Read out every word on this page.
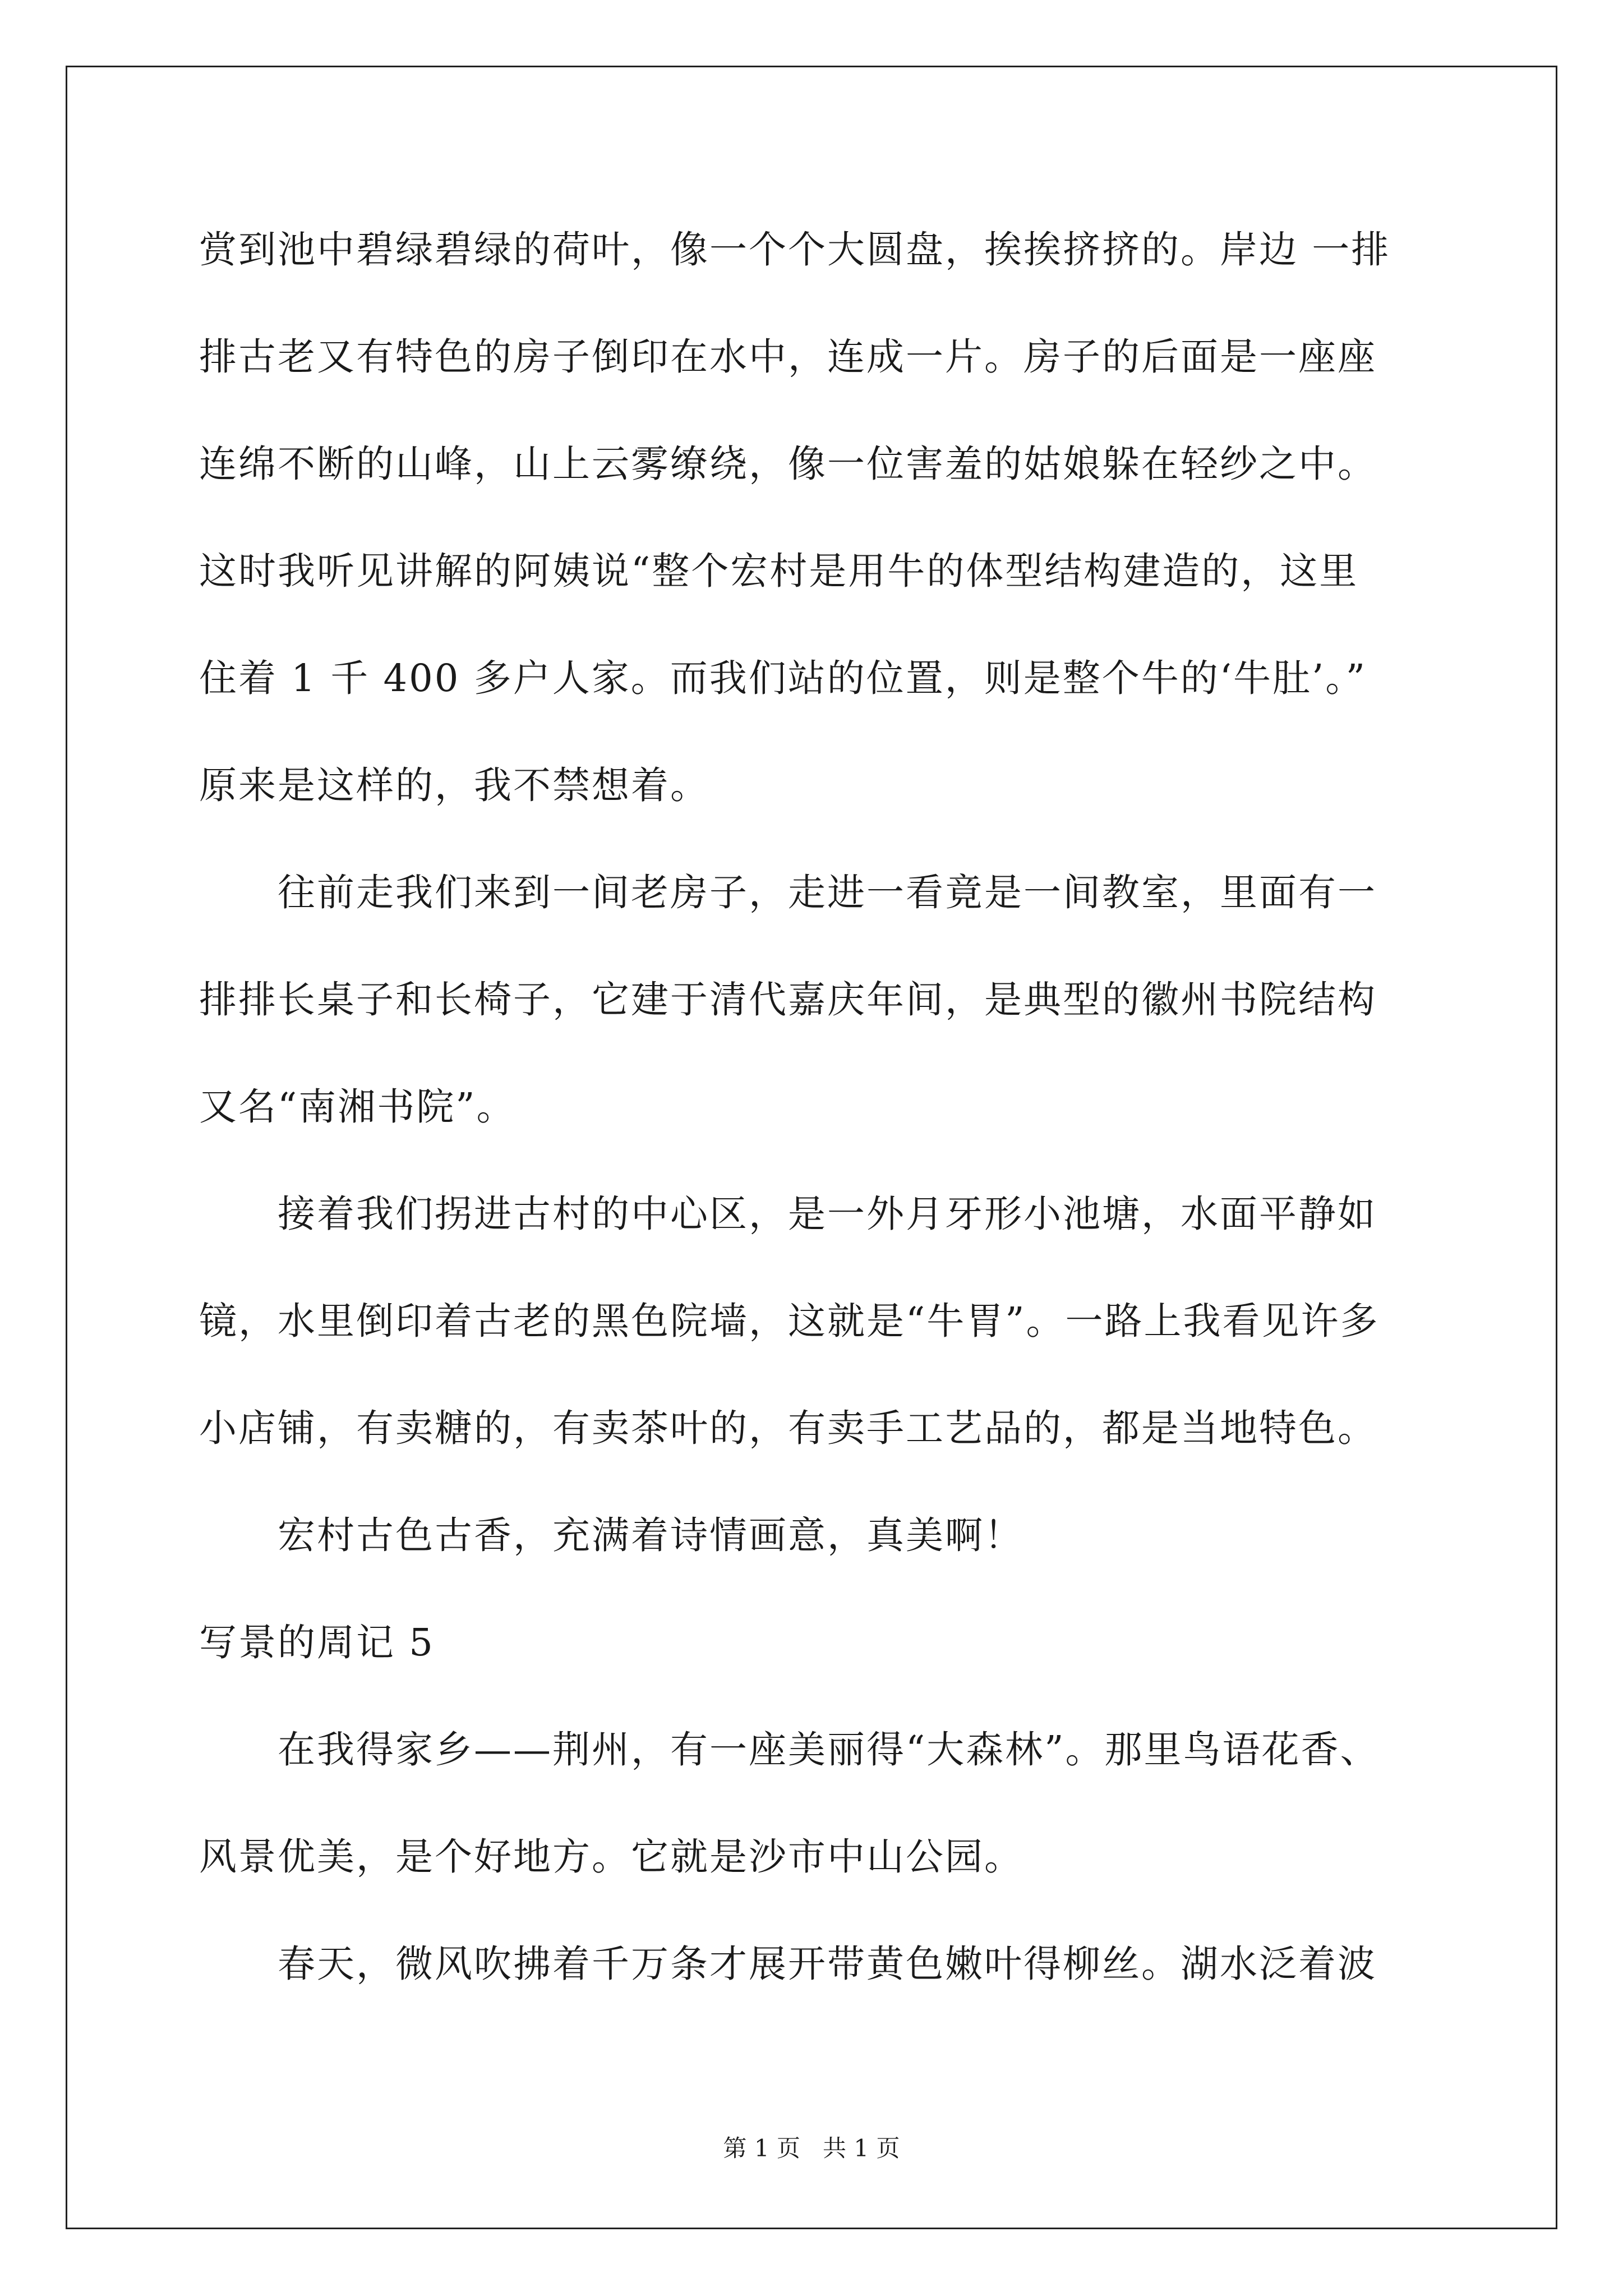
赏到池中碧绿碧绿的荷叶，像一个个大圆盘，挨挨挤挤的。岸边 一排
排古老又有特色的房子倒印在水中，连成一片。房子的后面是一座座
连绵不断的山峰，山上云雾缭绕，像一位害羞的姑娘躲在轻纱之中。
这时我听见讲解的阿姨说“整个宏村是用牛的体型结构建造的，这里
住着 1 千 400 多户人家。而我们站的位置，则是整个牛的‘牛肚’。”
原来是这样的，我不禁想着。
往前走我们来到一间老房子，走进一看竟是一间教室，里面有一
排排长桌子和长椅子，它建于清代嘉庆年间，是典型的徽州书院结构
又名“南湘书院”。
接着我们拐进古村的中心区，是一外月牙形小池塘，水面平静如
镜，水里倒印着古老的黑色院墙，这就是“牛胃”。一路上我看见许多
小店铺，有卖糖的，有卖茶叶的，有卖手工艺品的，都是当地特色。
宏村古色古香，充满着诗情画意，真美啊！
写景的周记 5
在我得家乡——荆州，有一座美丽得“大森林”。那里鸟语花香、
风景优美，是个好地方。它就是沙市中山公园。
春天，微风吹拂着千万条才展开带黄色嫩叶得柳丝。湖水泛着波
第 1 页   共 1 页
